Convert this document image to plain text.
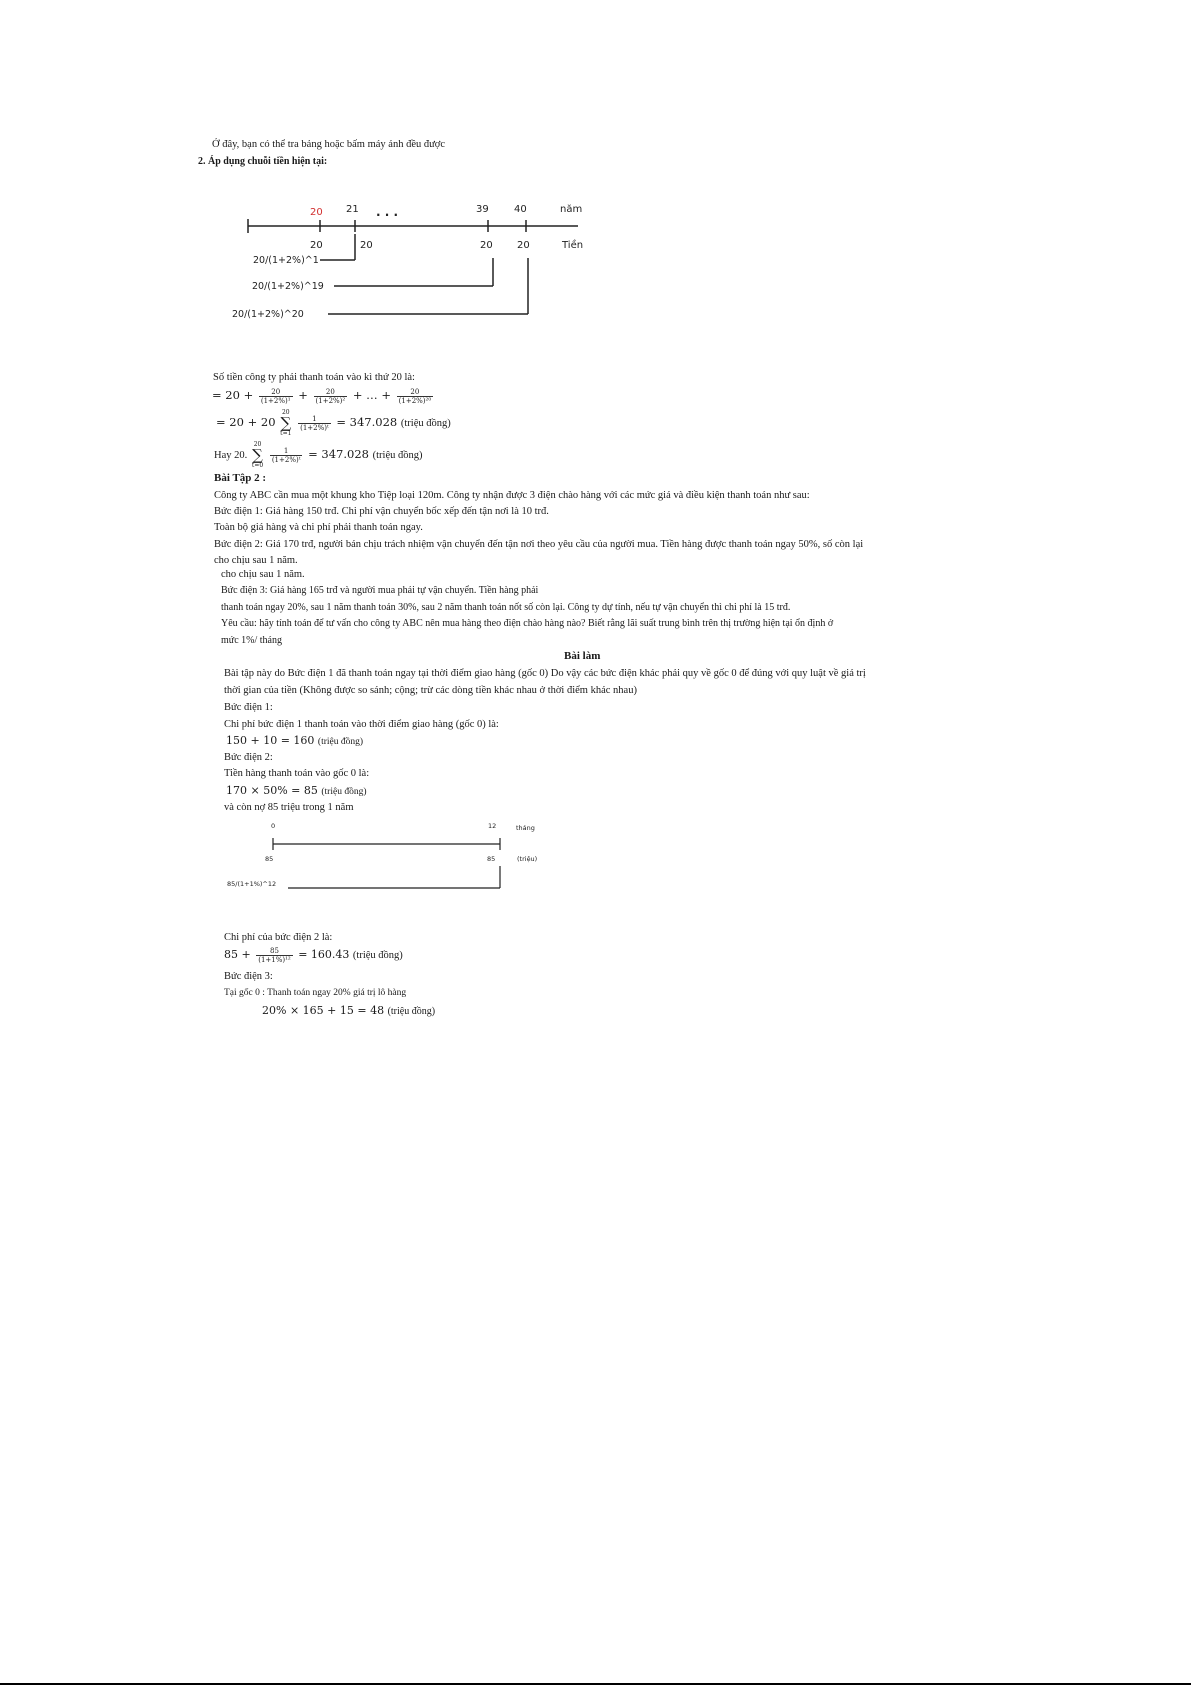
Ở đây, bạn có thể tra bảng hoặc bấm máy ảnh đều được
2. Áp dụng chuỗi tiền hiện tại:
20 21 . . .	39	40	năm
20	20	20 20	Tiền
20/(1+2%)^1
20/(1+2%)^19
20/(1+2%)^20
Số tiền công ty phải thanh toán vào kì thứ 20 là:
= $20 + \frac{20}{\text{(1+2\%)¹}} + \frac{20}{\text{(1+2\%)²}}$ + … + $\frac{20}{\text{(1+2\%)²⁰}}$
= 20 + 20
20
∑
t=1

$\frac{1}{\text{(1+2\%)ᵗ}} = 347.028$ (triệu đồng)
Hay 20.
20
∑
t=0

$\frac{1}{\text{(1+2\%)ᵗ}} = 347.028$ (triệu đồng)
Bài Tập 2 :
Công ty ABC cần mua một khung kho Tiệp loại 120m. Công ty nhận được 3 điện chào hàng với các mức giá và điều kiện thanh toán như sau:
Bức điện 1: Giá hàng 150 trđ. Chi phí vận chuyển bốc xếp đến tận nơi là 10 trđ.
Toàn bộ giá hàng và chi phí phải thanh toán ngay.
Bức điện 2: Giá 170 trđ, người bán chịu trách nhiệm vận chuyển đến tận nơi theo yêu cầu của người mua. Tiền hàng được thanh toán ngay 50%, số còn lại
cho chịu sau 1 năm.
cho chịu sau 1 năm.
Bức điện 3: Giá hàng 165 trđ và người mua phải tự vận chuyển. Tiền hàng phải
thanh toán ngay 20%, sau 1 năm thanh toán 30%, sau 2 năm thanh toán nốt số còn lại. Công ty dự tính, nếu tự vận chuyển thì chi phí là 15 trđ.
Yêu cầu: hãy tính toán để tư vấn cho công ty ABC nên mua hàng theo điện chào hàng nào? Biết rằng lãi suất trung bình trên thị trường hiện tại ổn định ở
mức 1%/ tháng
Bài làm
Bài tập này do Bức điện 1 đã thanh toán ngay tại thời điểm giao hàng (gốc 0) Do vậy các bức điện khác phải quy về gốc 0 để đúng với quy luật về giá trị
thời gian của tiền (Không được so sánh; cộng; trừ các dòng tiền khác nhau ở thời điểm khác nhau)
Bức điện 1:
Chi phí bức điện 1 thanh toán vào thời điểm giao hàng (gốc 0) là:
150 + 10 = 160 (triệu đồng)
Bức điện 2:
Tiền hàng thanh toán vào gốc 0 là:
170 × 50% = 85 (triệu đồng)
và còn nợ 85 triệu trong 1 năm
0	12	tháng
85	85	(triệu)
85/(1+1%)^12
Chi phí của bức điện 2 là:
$85 + \frac{85}{\text{(1+1\%)¹²}} = 160.43$ (triệu đồng)
Bức điện 3:
Tại gốc 0 : Thanh toán ngay 20% giá trị lô hàng
20% × 165 + 15 = 48 (triệu đồng)
